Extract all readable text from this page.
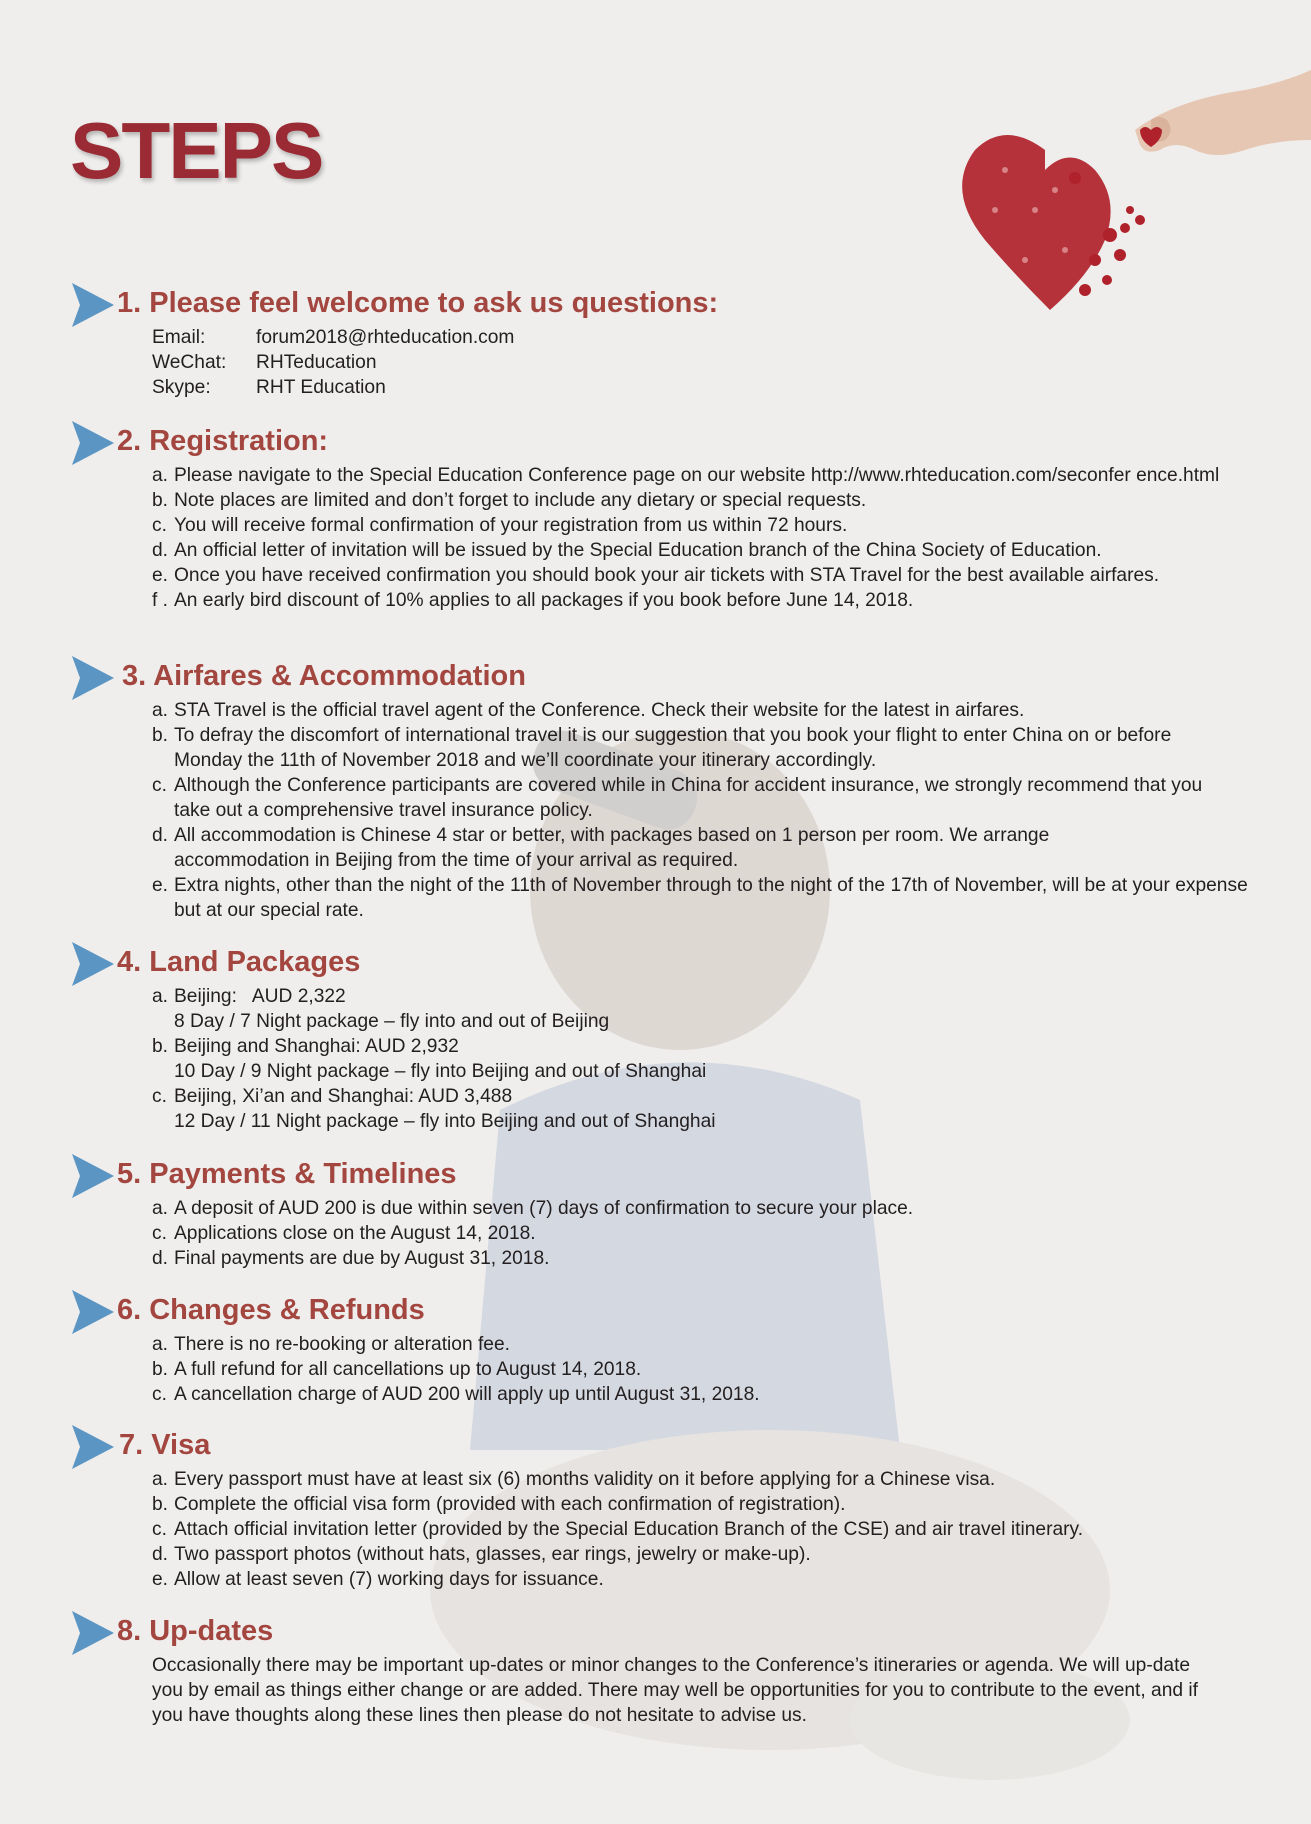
STEPS
1. Please feel welcome to ask us questions:
Email:	forum2018@rhteducation.com
WeChat:	RHTeducation
Skype:	RHT Education
2. Registration:
a. Please navigate to the Special Education Conference page on our website http://www.rhteducation.com/seconfer ence.html
b. Note places are limited and don’t forget to include any dietary or special requests.
c. You will receive formal confirmation of your registration from us within 72 hours.
d. An official letter of invitation will be issued by the Special Education branch of the China Society of Education.
e. Once you have received confirmation you should book your air tickets with STA Travel for the best available airfares.
f . An early bird discount of 10% applies to all packages if you book before June 14, 2018.
3. Airfares & Accommodation
a. STA Travel is the official travel agent of the Conference. Check their website for the latest in airfares.
b. To defray the discomfort of international travel it is our suggestion that you book your flight to enter China on or before Monday the 11th of November 2018 and we’ll coordinate your itinerary accordingly.
c. Although the Conference participants are covered while in China for accident insurance, we strongly recommend that you take out a comprehensive travel insurance policy.
d. All accommodation is Chinese 4 star or better, with packages based on 1 person per room. We arrange accommodation in Beijing from the time of your arrival as required.
e. Extra nights, other than the night of the 11th of November through to the night of the 17th of November, will be at your expense but at our special rate.
4. Land Packages
a. Beijing:   AUD 2,322
8 Day / 7 Night package – fly into and out of Beijing
b. Beijing and Shanghai: AUD 2,932
10 Day / 9 Night package – fly into Beijing and out of Shanghai
c. Beijing, Xi’an and Shanghai: AUD 3,488
12 Day / 11 Night package – fly into Beijing and out of Shanghai
5. Payments & Timelines
a. A deposit of AUD 200 is due within seven (7) days of confirmation to secure your place.
c. Applications close on the August 14, 2018.
d. Final payments are due by August 31, 2018.
6. Changes & Refunds
a. There is no re-booking or alteration fee.
b. A full refund for all cancellations up to August 14, 2018.
c. A cancellation charge of AUD 200 will apply up until August 31, 2018.
7. Visa
a. Every passport must have at least six (6) months validity on it before applying for a Chinese visa.
b. Complete the official visa form (provided with each confirmation of registration).
c. Attach official invitation letter (provided by the Special Education Branch of the CSE) and air travel itinerary.
d. Two passport photos (without hats, glasses, ear rings, jewelry or make-up).
e. Allow at least seven (7) working days for issuance.
8. Up-dates
Occasionally there may be important up-dates or minor changes to the Conference’s itineraries or agenda. We will up-date you by email as things either change or are added. There may well be opportunities for you to contribute to the event, and if you have thoughts along these lines then please do not hesitate to advise us.
